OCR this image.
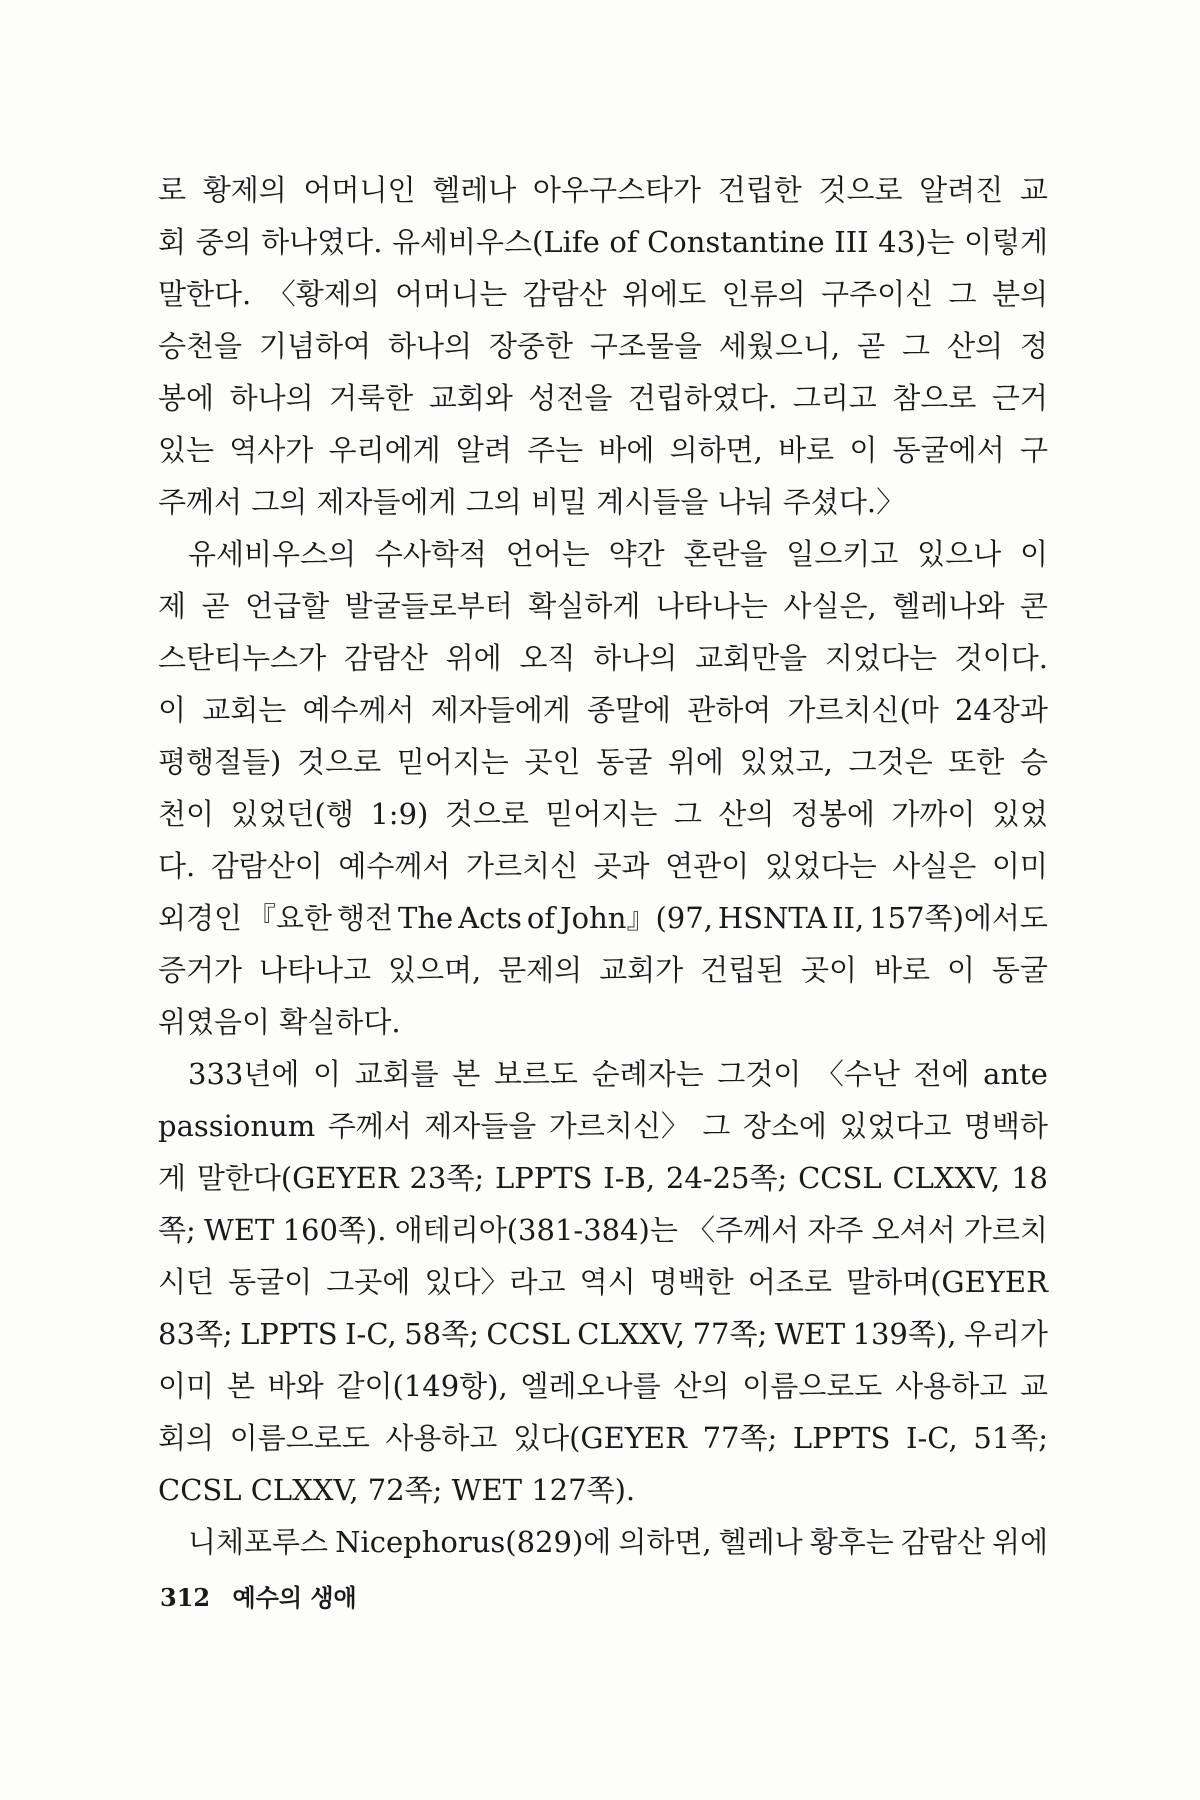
로 황제의 어머니인 헬레나 아우구스타가 건립한 것으로 알려진 교
회 중의 하나였다. 유세비우스(Life of Constantine III 43)는 이렇게
말한다. 〈황제의 어머니는 감람산 위에도 인류의 구주이신 그 분의
승천을 기념하여 하나의 장중한 구조물을 세웠으니, 곧 그 산의 정
봉에 하나의 거룩한 교회와 성전을 건립하였다. 그리고 참으로 근거
있는 역사가 우리에게 알려 주는 바에 의하면, 바로 이 동굴에서 구
주께서 그의 제자들에게 그의 비밀 계시들을 나눠 주셨다.〉
유세비우스의 수사학적 언어는 약간 혼란을 일으키고 있으나 이
제 곧 언급할 발굴들로부터 확실하게 나타나는 사실은, 헬레나와 콘
스탄티누스가 감람산 위에 오직 하나의 교회만을 지었다는 것이다.
이 교회는 예수께서 제자들에게 종말에 관하여 가르치신(마 24장과
평행절들) 것으로 믿어지는 곳인 동굴 위에 있었고, 그것은 또한 승
천이 있었던(행 1:9) 것으로 믿어지는 그 산의 정봉에 가까이 있었
다. 감람산이 예수께서 가르치신 곳과 연관이 있었다는 사실은 이미
외경인 『요한 행전 The Acts of John』(97, HSNTA II, 157쪽)에서도
증거가 나타나고 있으며, 문제의 교회가 건립된 곳이 바로 이 동굴
위였음이 확실하다.
333년에 이 교회를 본 보르도 순례자는 그것이 〈수난 전에 ante
passionum 주께서 제자들을 가르치신〉 그 장소에 있었다고 명백하
게 말한다(GEYER 23쪽; LPPTS I-B, 24-25쪽; CCSL CLXXV, 18
쪽; WET 160쪽). 애테리아(381-384)는 〈주께서 자주 오셔서 가르치
시던 동굴이 그곳에 있다〉라고 역시 명백한 어조로 말하며(GEYER
83쪽; LPPTS I-C, 58쪽; CCSL CLXXV, 77쪽; WET 139쪽), 우리가
이미 본 바와 같이(149항), 엘레오나를 산의 이름으로도 사용하고 교
회의 이름으로도 사용하고 있다(GEYER 77쪽; LPPTS I-C, 51쪽;
CCSL CLXXV, 72쪽; WET 127쪽).
니체포루스 Nicephorus(829)에 의하면, 헬레나 황후는 감람산 위에
312 예수의 생애
